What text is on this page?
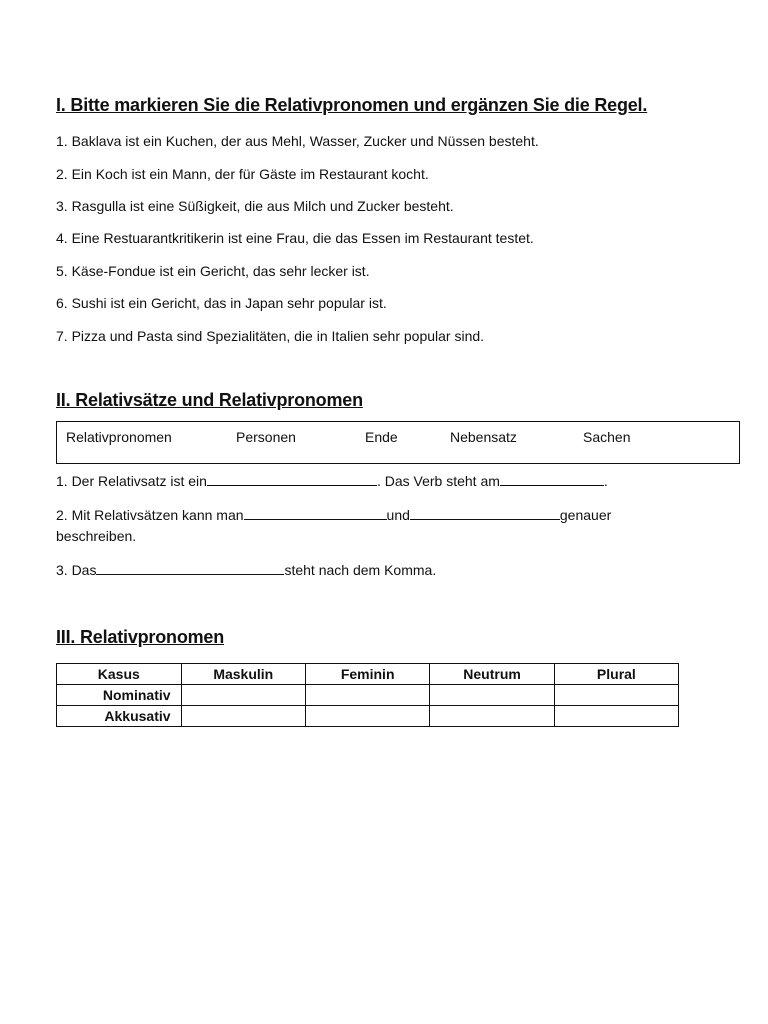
I. Bitte markieren Sie die Relativpronomen und ergänzen Sie die Regel.

1. Baklava ist ein Kuchen, der aus Mehl, Wasser, Zucker und Nüssen besteht.

2. Ein Koch ist ein Mann, der für Gäste im Restaurant kocht.

3. Rasgulla ist eine Süßigkeit, die aus Milch und Zucker besteht.

4. Eine Restuarantkritikerin ist eine Frau, die das Essen im Restaurant testet.

5. Käse-Fondue ist ein Gericht, das sehr lecker ist.

6. Sushi ist ein Gericht, das in Japan sehr popular ist.

7. Pizza und Pasta sind Spezialitäten, die in Italien sehr popular sind.

II. Relativsätze und Relativpronomen
Relativpronomen	Personen	Ende	Nebensatz	Sachen

1. Der Relativsatz ist ein	. Das Verb steht am	.

2. Mit Relativsätzen kann man	und	genauer

beschreiben.

3. Das	steht nach dem Komma.

III. Relativpronomen
Kasus	Maskulin	Feminin	Neutrum	Plural
Nominativ				
Akkusativ				
